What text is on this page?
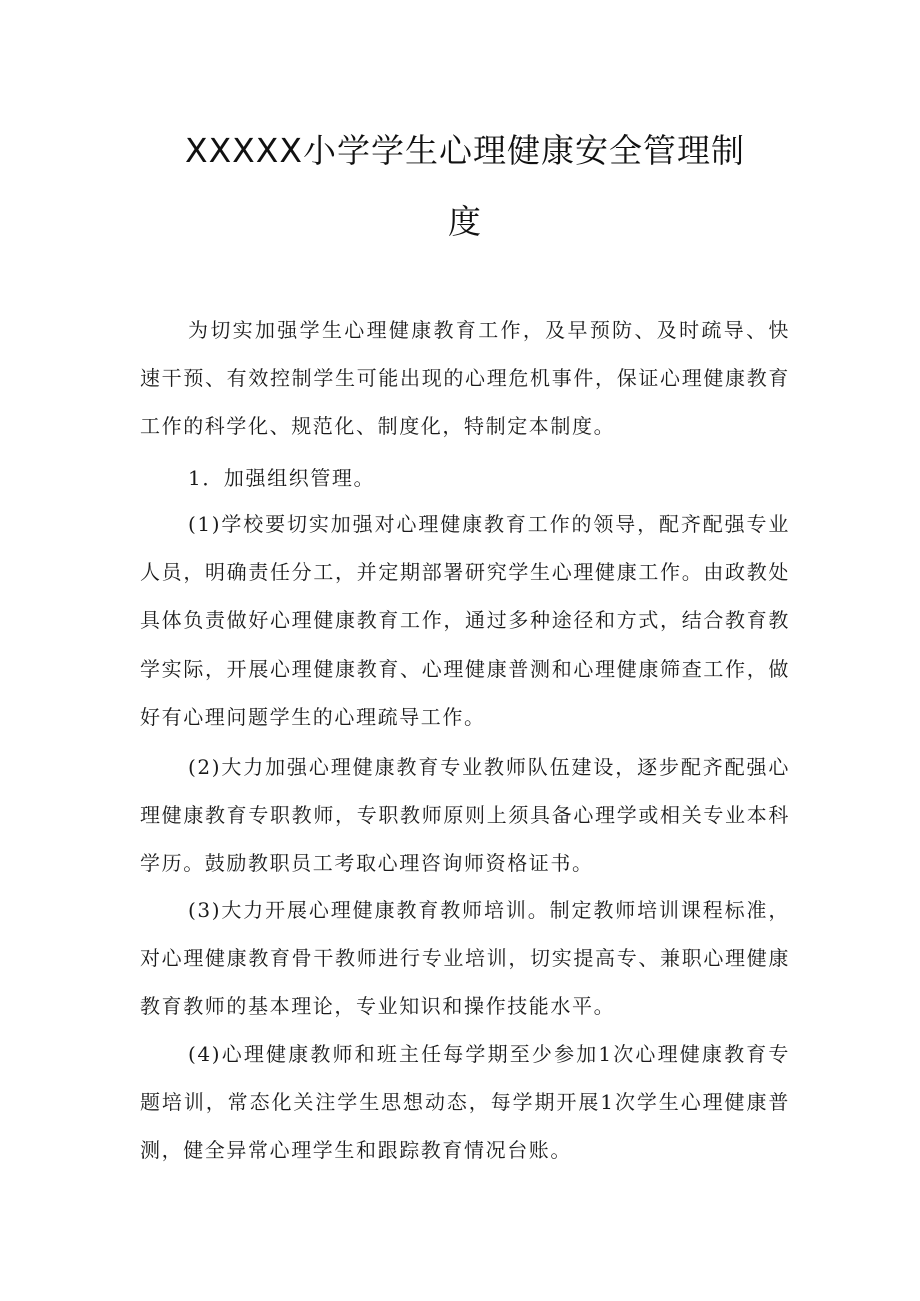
XXXXX小学学生心理健康安全管理制
度

为切实加强学生心理健康教育工作，及早预防、及时疏导、快速干预、有效控制学生可能出现的心理危机事件，保证心理健康教育工作的科学化、规范化、制度化，特制定本制度。

1．加强组织管理。

(1)学校要切实加强对心理健康教育工作的领导，配齐配强专业人员，明确责任分工，并定期部署研究学生心理健康工作。由政教处具体负责做好心理健康教育工作，通过多种途径和方式，结合教育教学实际，开展心理健康教育、心理健康普测和心理健康筛查工作，做好有心理问题学生的心理疏导工作。

(2)大力加强心理健康教育专业教师队伍建设，逐步配齐配强心理健康教育专职教师，专职教师原则上须具备心理学或相关专业本科学历。鼓励教职员工考取心理咨询师资格证书。

(3)大力开展心理健康教育教师培训。制定教师培训课程标准，对心理健康教育骨干教师进行专业培训，切实提高专、兼职心理健康教育教师的基本理论，专业知识和操作技能水平。

(4)心理健康教师和班主任每学期至少参加1次心理健康教育专题培训，常态化关注学生思想动态，每学期开展1次学生心理健康普测，健全异常心理学生和跟踪教育情况台账。
